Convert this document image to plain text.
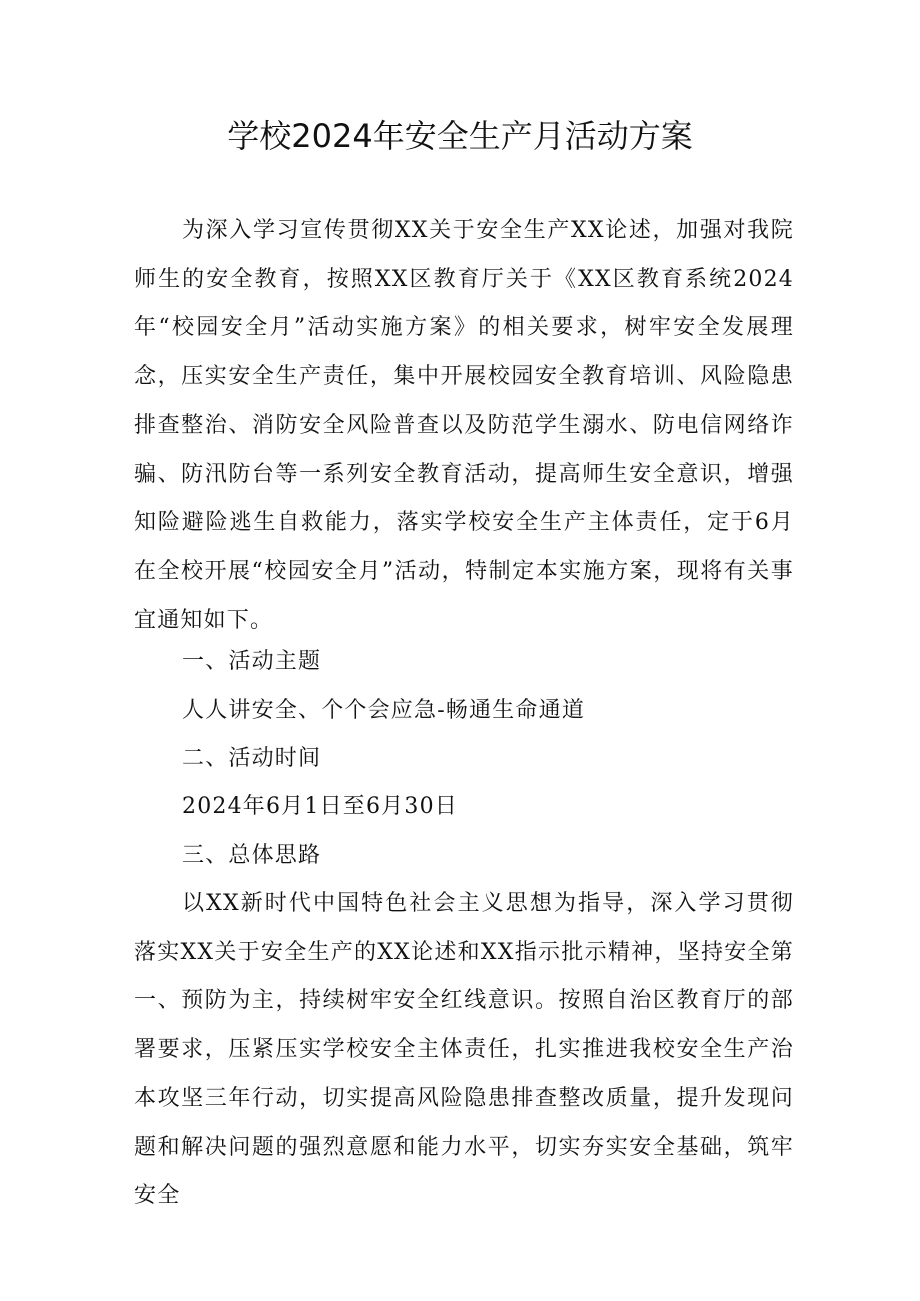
学校2024年安全生产月活动方案

为深入学习宣传贯彻XX关于安全生产XX论述，加强对我院师生的安全教育，按照XX区教育厅关于《XX区教育系统2024年“校园安全月”活动实施方案》的相关要求，树牢安全发展理念，压实安全生产责任，集中开展校园安全教育培训、风险隐患排查整治、消防安全风险普查以及防范学生溺水、防电信网络诈骗、防汛防台等一系列安全教育活动，提高师生安全意识，增强知险避险逃生自救能力，落实学校安全生产主体责任，定于6月在全校开展“校园安全月”活动，特制定本实施方案，现将有关事宜通知如下。

一、活动主题

人人讲安全、个个会应急-畅通生命通道

二、活动时间

2024年6月1日至6月30日

三、总体思路

以XX新时代中国特色社会主义思想为指导，深入学习贯彻落实XX关于安全生产的XX论述和XX指示批示精神，坚持安全第一、预防为主，持续树牢安全红线意识。按照自治区教育厅的部署要求，压紧压实学校安全主体责任，扎实推进我校安全生产治本攻坚三年行动，切实提高风险隐患排查整改质量，提升发现问题和解决问题的强烈意愿和能力水平，切实夯实安全基础，筑牢安全
